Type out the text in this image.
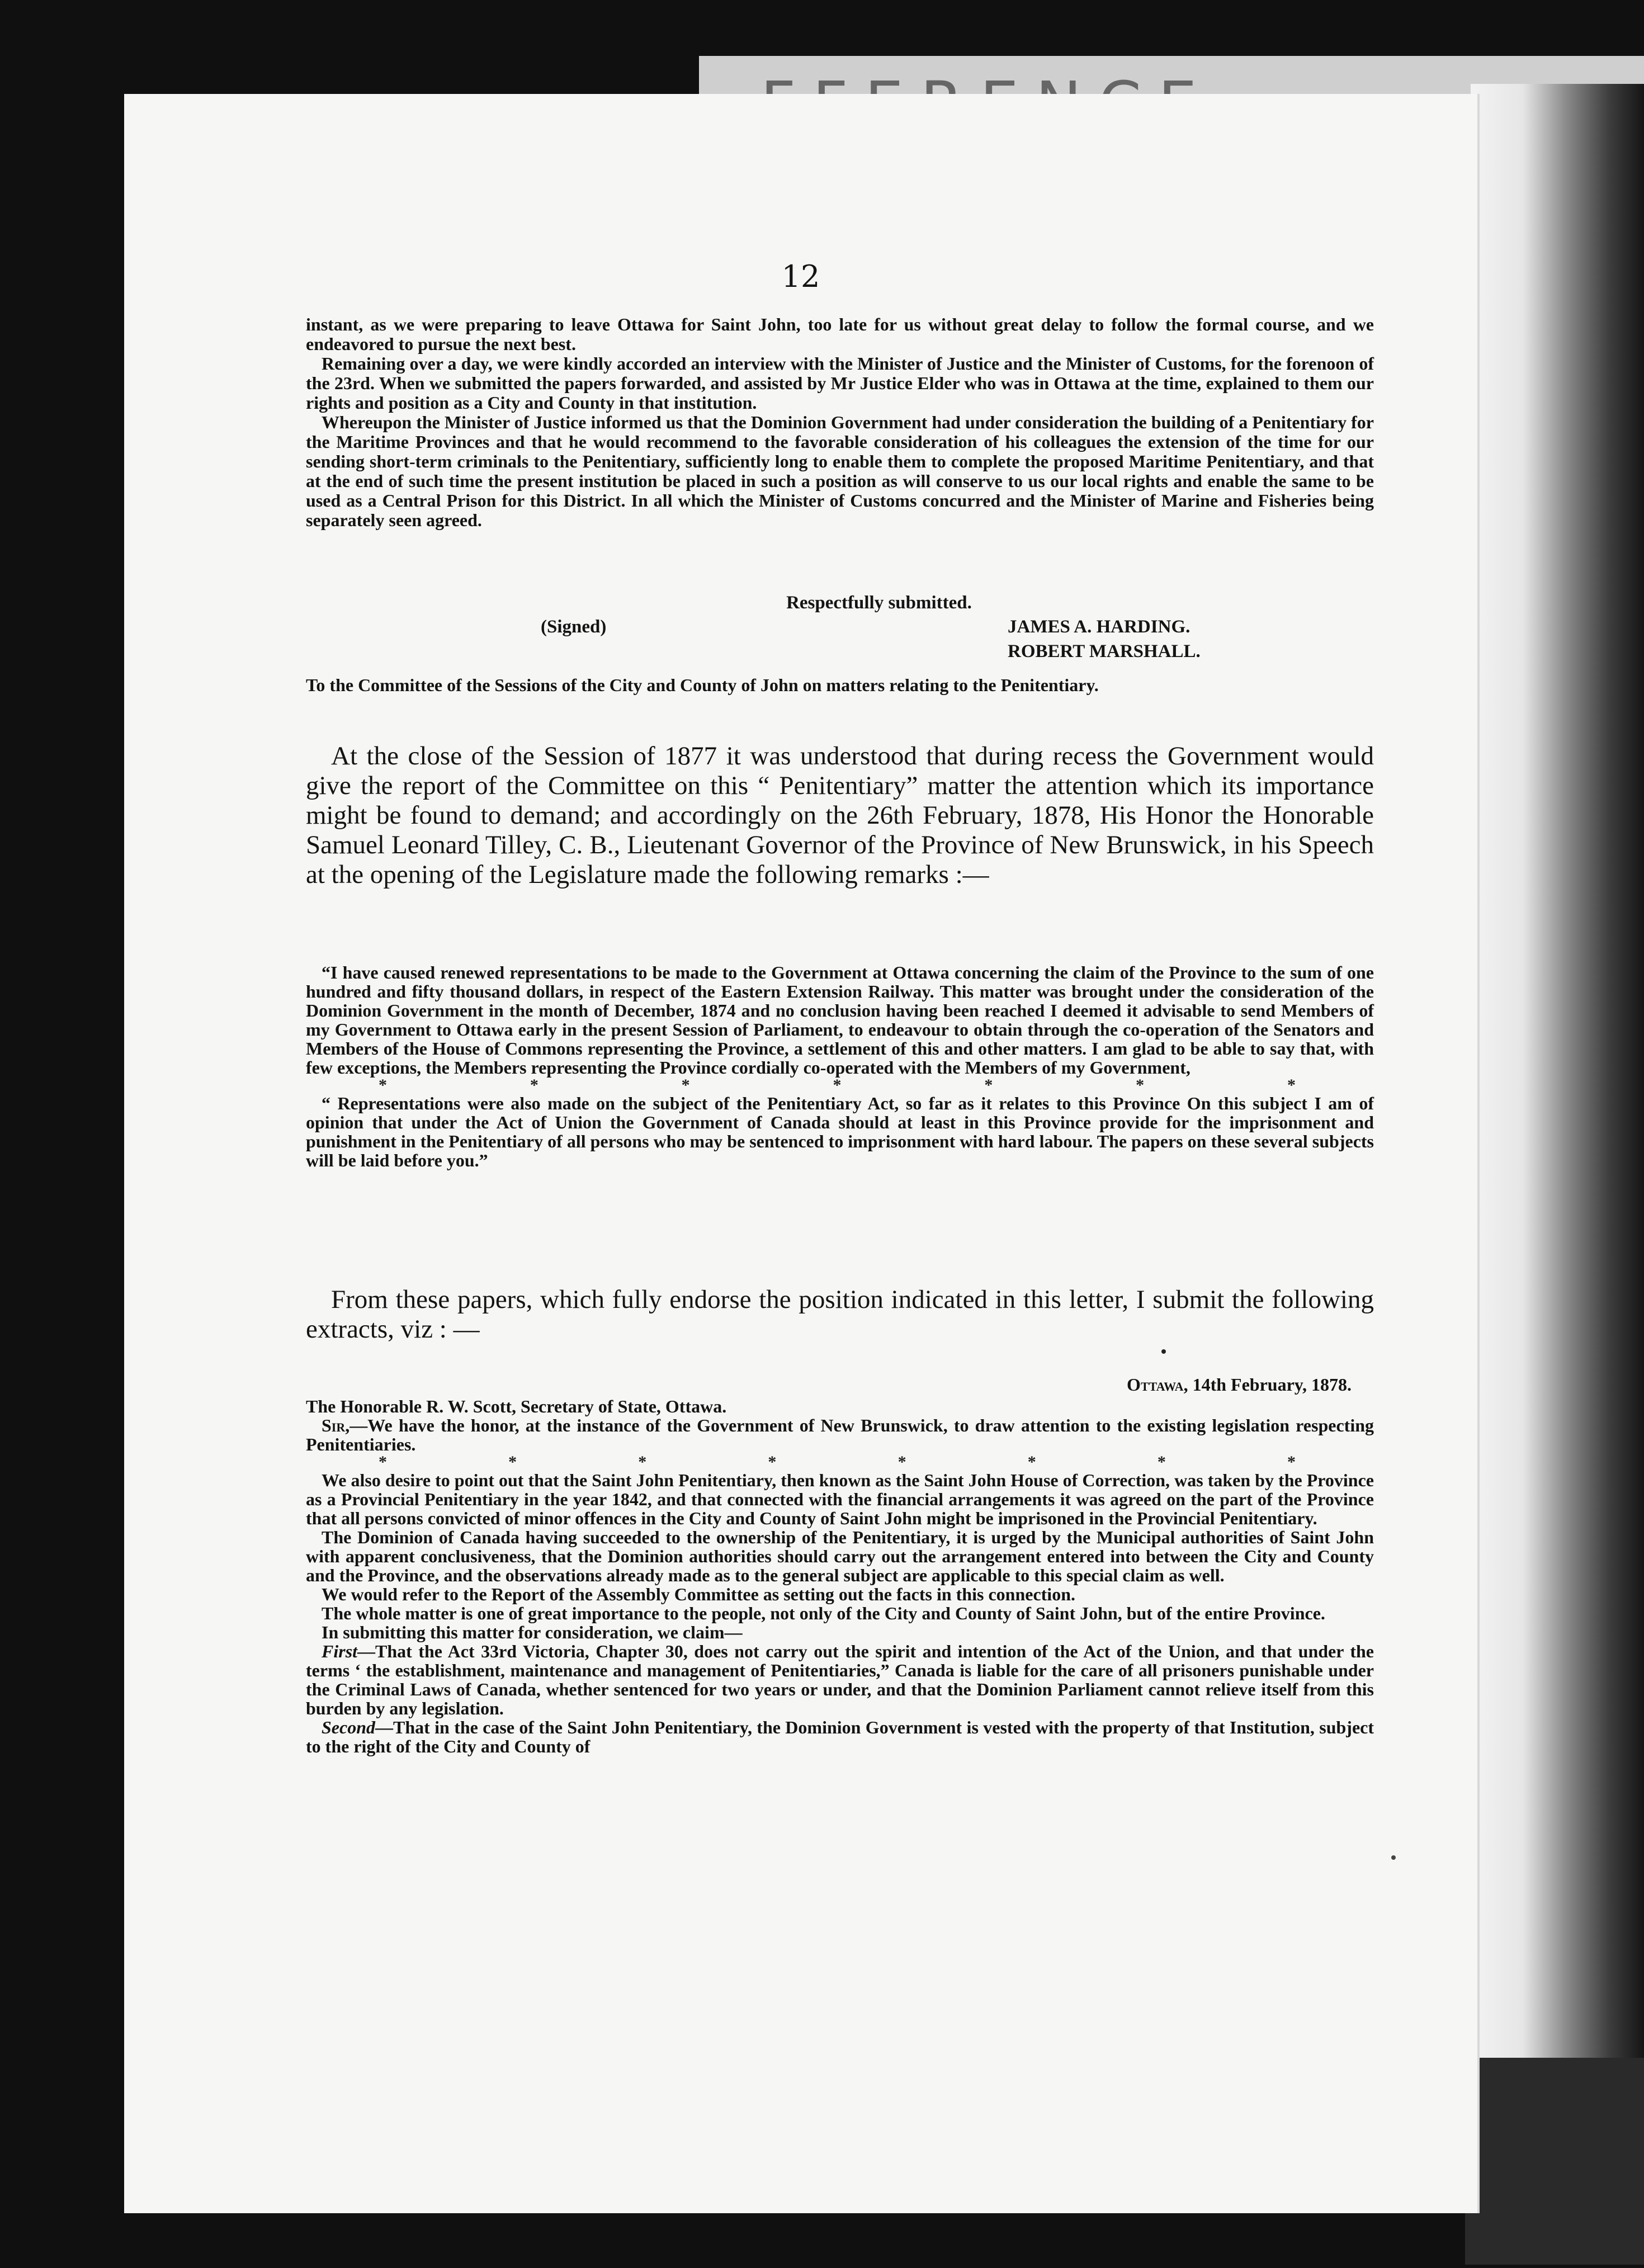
12

instant, as we were preparing to leave Ottawa for Saint John, too late for us without great delay to follow the formal course, and we endeavored to pursue the next best.

Remaining over a day, we were kindly accorded an interview with the Minister of Justice and the Minister of Customs, for the forenoon of the 23rd. When we submitted the papers forwarded, and assisted by Mr Justice Elder who was in Ottawa at the time, explained to them our rights and position as a City and County in that institution.

Whereupon the Minister of Justice informed us that the Dominion Government had under consideration the building of a Penitentiary for the Maritime Provinces and that he would recommend to the favorable consideration of his colleagues the extension of the time for our sending short-term criminals to the Penitentiary, sufficiently long to enable them to complete the proposed Maritime Penitentiary, and that at the end of such time the present institution be placed in such a position as will conserve to us our local rights and enable the same to be used as a Central Prison for this District. In all which the Minister of Customs concurred and the Minister of Marine and Fisheries being separately seen agreed.

Respectfully submitted.
(Signed)	JAMES A. HARDING.
ROBERT MARSHALL.
To the Committee of the Sessions of the City and County of John on matters relating to the Penitentiary.

At the close of the Session of 1877 it was understood that during recess the Government would give the report of the Committee on this “ Penitentiary” matter the attention which its importance might be found to demand; and accordingly on the 26th February, 1878, His Honor the Honorable Samuel Leonard Tilley, C. B., Lieutenant Governor of the Province of New Brunswick, in his Speech at the opening of the Legislature made the following remarks :—

“I have caused renewed representations to be made to the Government at Ottawa concerning the claim of the Province to the sum of one hundred and fifty thousand dollars, in respect of the Eastern Extension Railway. This matter was brought under the consideration of the Dominion Government in the month of December, 1874 and no conclusion having been reached I deemed it advisable to send Members of my Government to Ottawa early in the present Session of Parliament, to endeavour to obtain through the co-operation of the Senators and Members of the House of Commons representing the Province, a settlement of this and other matters. I am glad to be able to say that, with few exceptions, the Members representing the Province cordially co-operated with the Members of my Government,

*	*	*	*	*	*	*

“ Representations were also made on the subject of the Penitentiary Act, so far as it relates to this Province On this subject I am of opinion that under the Act of Union the Government of Canada should at least in this Province provide for the imprisonment and punishment in the Penitentiary of all persons who may be sentenced to imprisonment with hard labour. The papers on these several subjects will be laid before you.”

From these papers, which fully endorse the position indicated in this letter, I submit the following extracts, viz : —

Ottawa, 14th February, 1878.

The Honorable R. W. Scott, Secretary of State, Ottawa.

Sir,—We have the honor, at the instance of the Government of New Brunswick, to draw attention to the existing legislation respecting Penitentiaries.

*	*	*	*	*	*	*	*

We also desire to point out that the Saint John Penitentiary, then known as the Saint John House of Correction, was taken by the Province as a Provincial Penitentiary in the year 1842, and that connected with the financial arrangements it was agreed on the part of the Province that all persons convicted of minor offences in the City and County of Saint John might be imprisoned in the Provincial Penitentiary.

The Dominion of Canada having succeeded to the ownership of the Penitentiary, it is urged by the Municipal authorities of Saint John with apparent conclusiveness, that the Dominion authorities should carry out the arrangement entered into between the City and County and the Province, and the observations already made as to the general subject are applicable to this special claim as well.

We would refer to the Report of the Assembly Committee as setting out the facts in this connection.

The whole matter is one of great importance to the people, not only of the City and County of Saint John, but of the entire Province.

In submitting this matter for consideration, we claim—

First—That the Act 33rd Victoria, Chapter 30, does not carry out the spirit and intention of the Act of the Union, and that under the terms ‘ the establishment, maintenance and management of Penitentiaries,” Canada is liable for the care of all prisoners punishable under the Criminal Laws of Canada, whether sentenced for two years or under, and that the Dominion Parliament cannot relieve itself from this burden by any legislation.

Second—That in the case of the Saint John Penitentiary, the Dominion Government is vested with the property of that Institution, subject to the right of the City and County of
